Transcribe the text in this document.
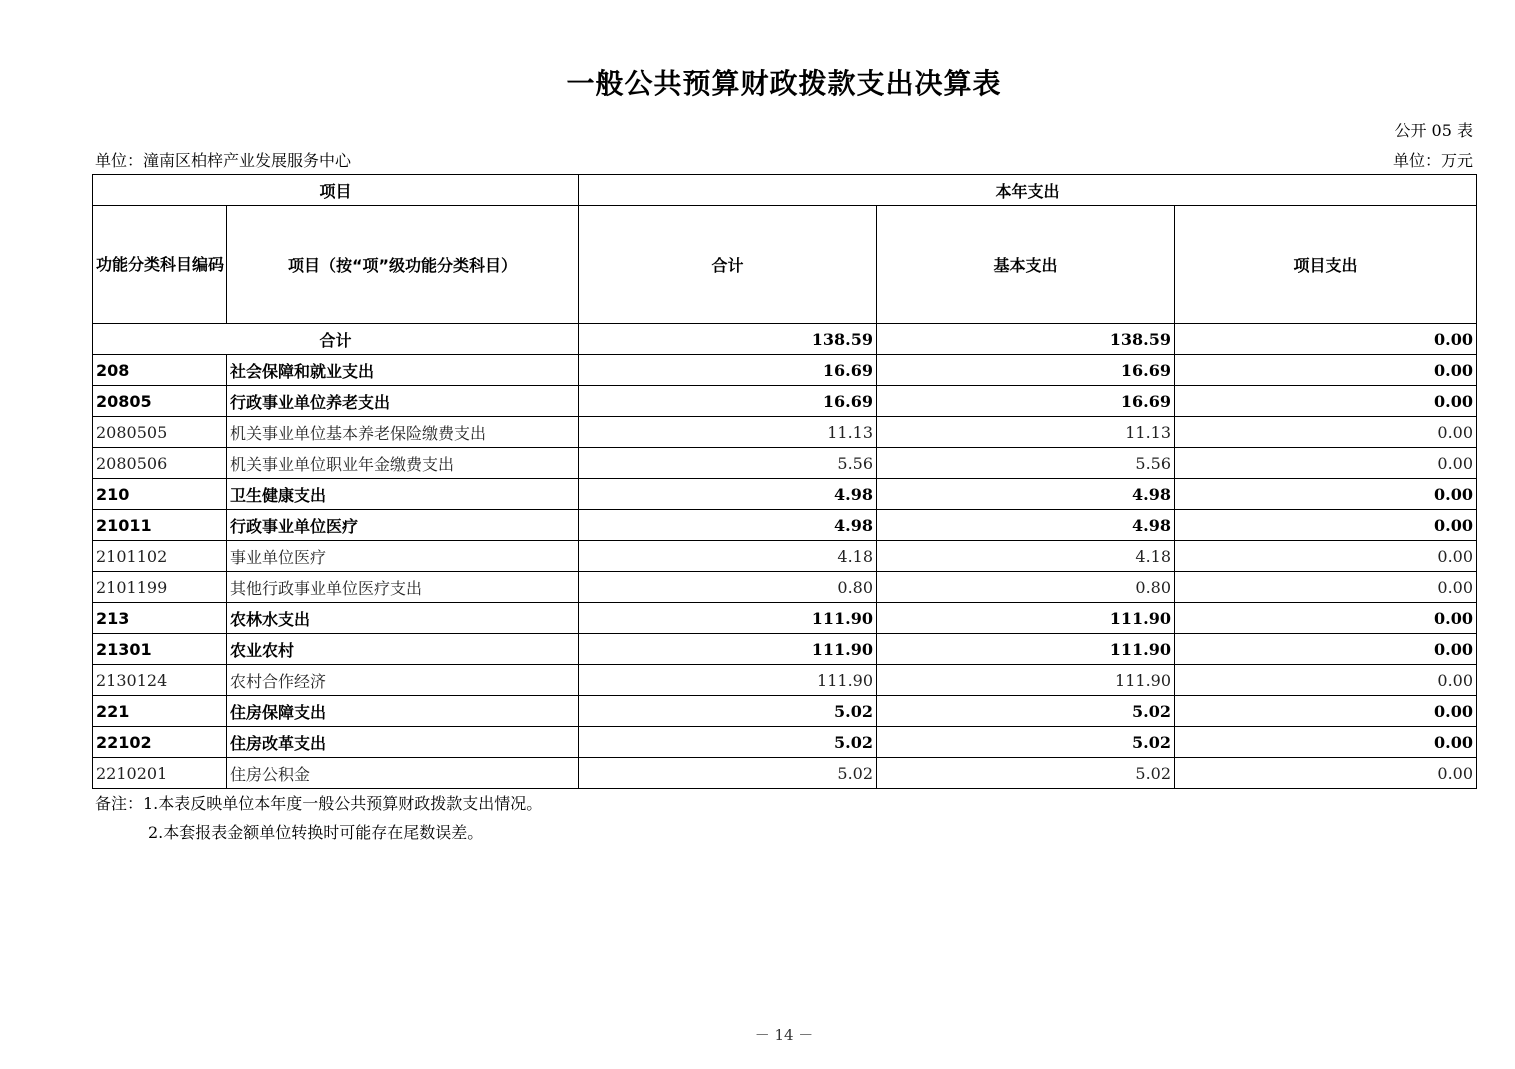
一般公共预算财政拨款支出决算表
公开 05 表
单位：潼南区柏梓产业发展服务中心	单位：万元
项目		本年支出		
功能分类科目编码	项目（按“项”级功能分类科目）	合计	基本支出	项目支出
合计		138.59	138.59	0.00
208	社会保障和就业支出	16.69	16.69	0.00
20805	行政事业单位养老支出	16.69	16.69	0.00
2080505	机关事业单位基本养老保险缴费支出	11.13	11.13	0.00
2080506	机关事业单位职业年金缴费支出	5.56	5.56	0.00
210	卫生健康支出	4.98	4.98	0.00
21011	行政事业单位医疗	4.98	4.98	0.00
2101102	事业单位医疗	4.18	4.18	0.00
2101199	其他行政事业单位医疗支出	0.80	0.80	0.00
213	农林水支出	111.90	111.90	0.00
21301	农业农村	111.90	111.90	0.00
2130124	农村合作经济	111.90	111.90	0.00
221	住房保障支出	5.02	5.02	0.00
22102	住房改革支出	5.02	5.02	0.00
2210201	住房公积金	5.02	5.02	0.00
备注：1.本表反映单位本年度一般公共预算财政拨款支出情况。
2.本套报表金额单位转换时可能存在尾数误差。
－ 14 －
